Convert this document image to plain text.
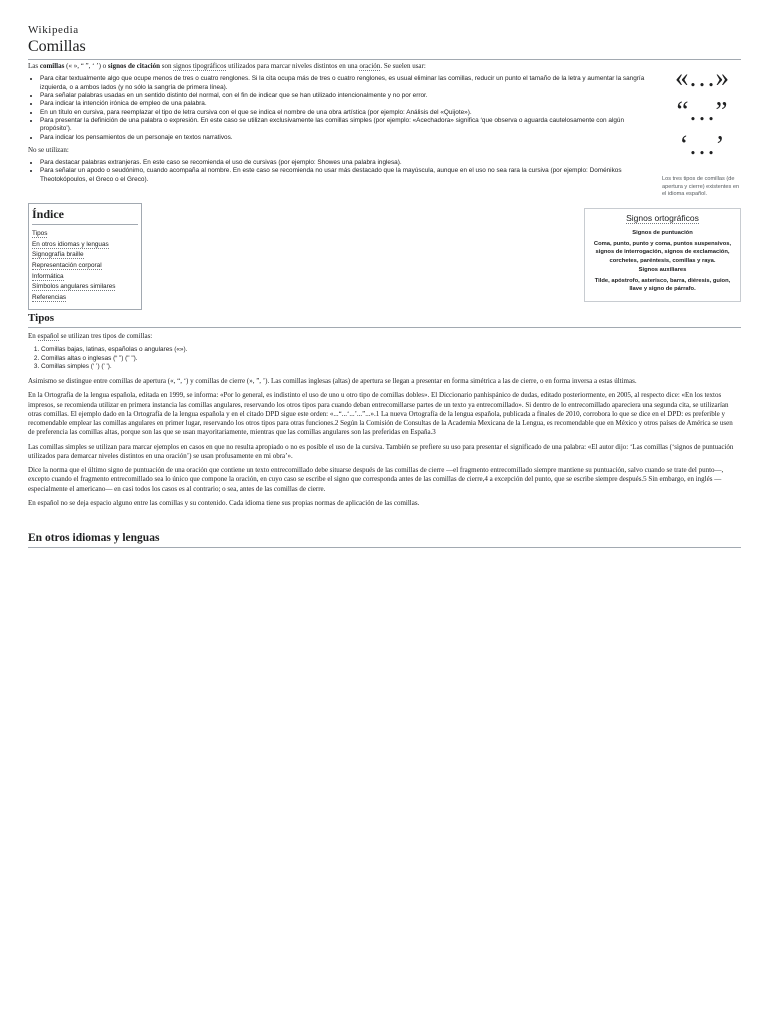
Wikipedia
Comillas

Las comillas (« », “ ”, ‘ ’) o signos de citación son signos tipográficos utilizados para marcar niveles distintos en una oración. Se suelen usar:

• Para citar textualmente algo que ocupe menos de tres o cuatro renglones. Si la cita ocupa más de tres o cuatro renglones, es usual eliminar las comillas, reducir un punto el tamaño de la letra y aumentar la sangría izquierda, o a ambos lados (y no sólo la sangría de primera línea).
• Para señalar palabras usadas en un sentido distinto del normal, con el fin de indicar que se han utilizado intencionalmente y no por error.
• Para indicar la intención irónica de empleo de una palabra.
• En un título en cursiva, para reemplazar el tipo de letra cursiva con el que se indica el nombre de una obra artística (por ejemplo: Análisis del «Quijote»).
• Para presentar la definición de una palabra o expresión. En este caso se utilizan exclusivamente las comillas simples (por ejemplo: «Acechadora» significa ‘que observa o aguarda cautelosamente con algún propósito’).
• Para indicar los pensamientos de un personaje en textos narrativos.

No se utilizan:

• Para destacar palabras extranjeras. En este caso se recomienda el uso de cursivas (por ejemplo: Showes una palabra inglesa).
• Para señalar un apodo o seudónimo, cuando acompaña al nombre. En este caso se recomienda no usar más destacado que la mayúscula, aunque en el uso no sea rara la cursiva (por ejemplo: Doménikos Theotokópoulos, el Greco o el Greco).
«…»
“…”
‘…’
Los tres tipos de comillas (de apertura y cierre) existentes en el idioma español.
Índice
Tipos
En otros idiomas y lenguas
Signografía braille
Representación corporal
Informática
Símbolos angulares similares
Referencias
Signos ortográficos
Signos de puntuación
Coma, punto, punto y coma, puntos suspensivos, signos de interrogación, signos de exclamación, corchetes, paréntesis, comillas y raya.
Signos auxiliares
Tilde, apóstrofo, asterisco, barra, diéresis, guion, llave y signo de párrafo.
Tipos

En español se utilizan tres tipos de comillas:

1. Comillas bajas, latinas, españolas o angulares («»).
2. Comillas altas o inglesas (“ ”) (" ").
3. Comillas simples (‘ ’) (' ').

Asimismo se distingue entre comillas de apertura («, “, ‘) y comillas de cierre (», ”, ’). Las comillas inglesas (altas) de apertura se llegan a presentar en forma simétrica a las de cierre, o en forma inversa a estas últimas.

En la Ortografía de la lengua española, editada en 1999, se informa: «Por lo general, es indistinto el uso de uno u otro tipo de comillas dobles». El Diccionario panhispánico de dudas, editado posteriormente, en 2005, al respecto dice: «En los textos impresos, se recomienda utilizar en primera instancia las comillas angulares, reservando los otros tipos para cuando deban entrecomillarse partes de un texto ya entrecomillado». Si dentro de lo entrecomillado apareciera una segunda cita, se utilizarían otras comillas. El ejemplo dado en la Ortografía de la lengua española y en el citado DPD sigue este orden: «...“...‘...’...”...».1 La nueva Ortografía de la lengua española, publicada a finales de 2010, corrobora lo que se dice en el DPD: es preferible y recomendable emplear las comillas angulares en primer lugar, reservando los otros tipos para otras funciones.2 Según la Comisión de Consultas de la Academia Mexicana de la Lengua, es recomendable que en México y otros países de América se usen de preferencia las comillas altas, porque son las que se usan mayoritariamente, mientras que las comillas angulares son las preferidas en España.3

Las comillas simples se utilizan para marcar ejemplos en casos en que no resulta apropiado o no es posible el uso de la cursiva. También se prefiere su uso para presentar el significado de una palabra: «El autor dijo: ‘Las comillas (‘signos de puntuación utilizados para demarcar niveles distintos en una oración’) se usan profusamente en mi obra’».

Dice la norma que el último signo de puntuación de una oración que contiene un texto entrecomillado debe situarse después de las comillas de cierre —el fragmento entrecomillado siempre mantiene su puntuación, salvo cuando se trate del punto—, excepto cuando el fragmento entrecomillado sea lo único que compone la oración, en cuyo caso se escribe el signo que corresponda antes de las comillas de cierre,4 a excepción del punto, que se escribe siempre después.5 Sin embargo, en inglés —especialmente el americano— en casi todos los casos es al contrario; o sea, antes de las comillas de cierre.

En español no se deja espacio alguno entre las comillas y su contenido. Cada idioma tiene sus propias normas de aplicación de las comillas.

En otros idiomas y lenguas
